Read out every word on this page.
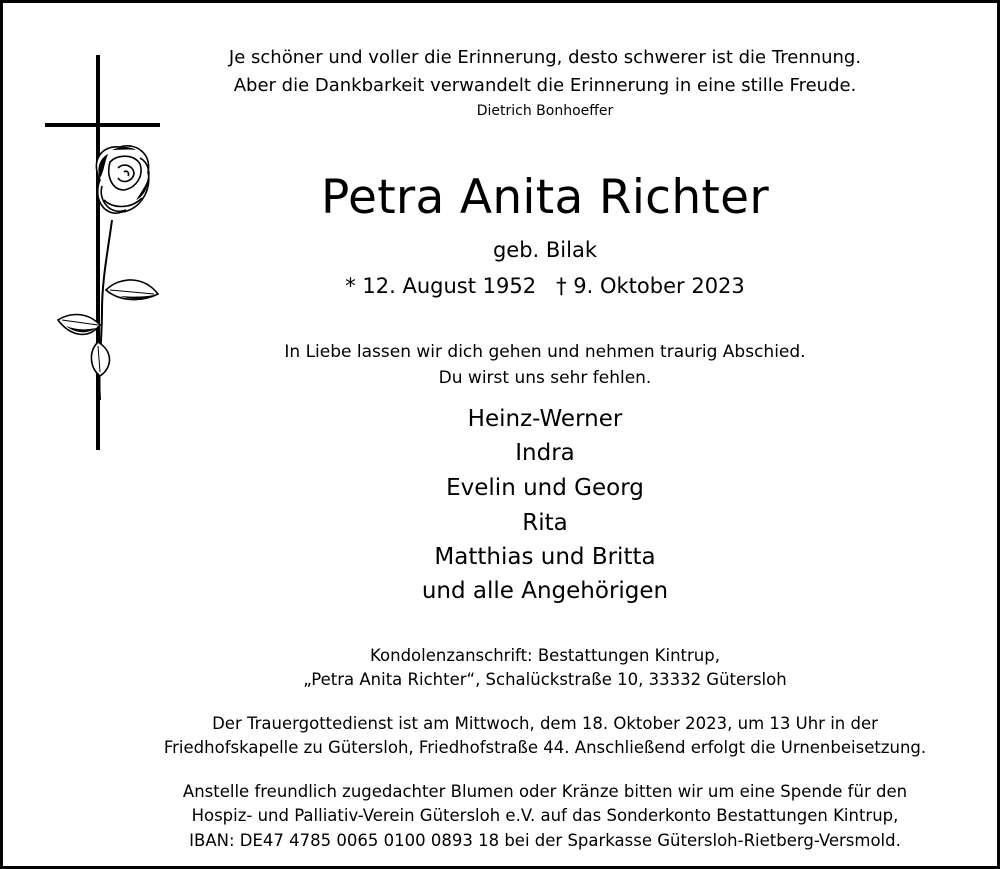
Je schöner und voller die Erinnerung, desto schwerer ist die Trennung.
Aber die Dankbarkeit verwandelt die Erinnerung in eine stille Freude.
Dietrich Bonhoeffer
Petra Anita Richter
geb. Bilak
* 12. August 1952 † 9. Oktober 2023
In Liebe lassen wir dich gehen und nehmen traurig Abschied.
Du wirst uns sehr fehlen.
Heinz-Werner
Indra
Evelin und Georg
Rita
Matthias und Britta
und alle Angehörigen
Kondolenzanschrift: Bestattungen Kintrup,
„Petra Anita Richter“, Schalückstraße 10, 33332 Gütersloh
Der Trauergottedienst ist am Mittwoch, dem 18. Oktober 2023, um 13 Uhr in der
Friedhofskapelle zu Gütersloh, Friedhofstraße 44. Anschließend erfolgt die Urnenbeisetzung.
Anstelle freundlich zugedachter Blumen oder Kränze bitten wir um eine Spende für den
Hospiz- und Palliativ-Verein Gütersloh e.V. auf das Sonderkonto Bestattungen Kintrup,
IBAN: DE47 4785 0065 0100 0893 18 bei der Sparkasse Gütersloh-Rietberg-Versmold.
